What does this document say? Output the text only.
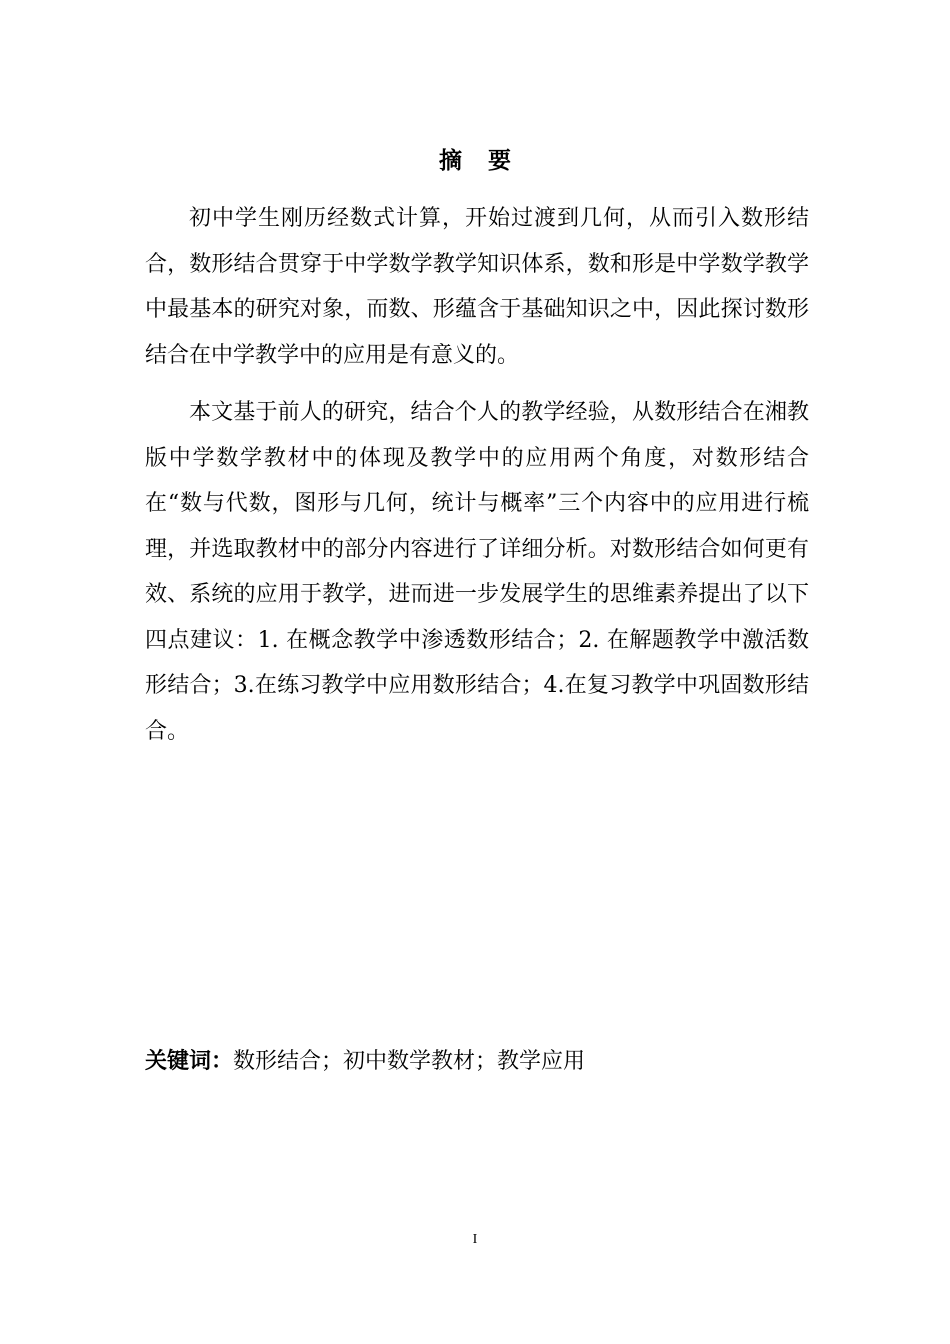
摘 要

初中学生刚历经数式计算，开始过渡到几何，从而引入数形结合，数形结合贯穿于中学数学教学知识体系，数和形是中学数学教学中最基本的研究对象，而数、形蕴含于基础知识之中，因此探讨数形结合在中学教学中的应用是有意义的。

本文基于前人的研究，结合个人的教学经验，从数形结合在湘教版中学数学教材中的体现及教学中的应用两个角度，对数形结合在“数与代数，图形与几何，统计与概率”三个内容中的应用进行梳理，并选取教材中的部分内容进行了详细分析。对数形结合如何更有效、系统的应用于教学，进而进一步发展学生的思维素养提出了以下四点建议：1. 在概念教学中渗透数形结合；2. 在解题教学中激活数形结合；3.在练习教学中应用数形结合；4.在复习教学中巩固数形结合。

关键词：数形结合；初中数学教材；教学应用
I
